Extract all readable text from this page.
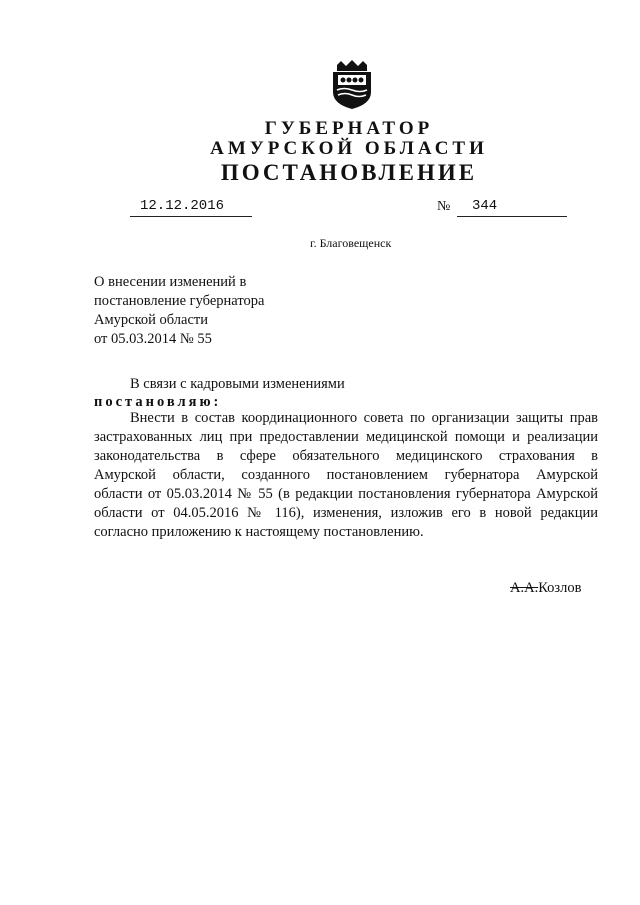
ГУБЕРНАТОР
АМУРСКОЙ ОБЛАСТИ
ПОСТАНОВЛЕНИЕ
12.12.2016	№ 344
г. Благовещенск
О внесении изменений в
постановление губернатора
Амурской области
от 05.03.2014 № 55
В связи с кадровыми изменениями
постановляю:
Внести в состав координационного совета по организации защиты прав
застрахованных лиц при предоставлении медицинской помощи и реализации
законодательства в сфере обязательного медицинского страхования в
Амурской области, созданного постановлением губернатора Амурской
области от 05.03.2014 № 55 (в редакции постановления губернатора Амурской
области от 04.05.2016 № 116), изменения, изложив его в новой редакции
согласно приложению к настоящему постановлению.
А.А.Козлов
